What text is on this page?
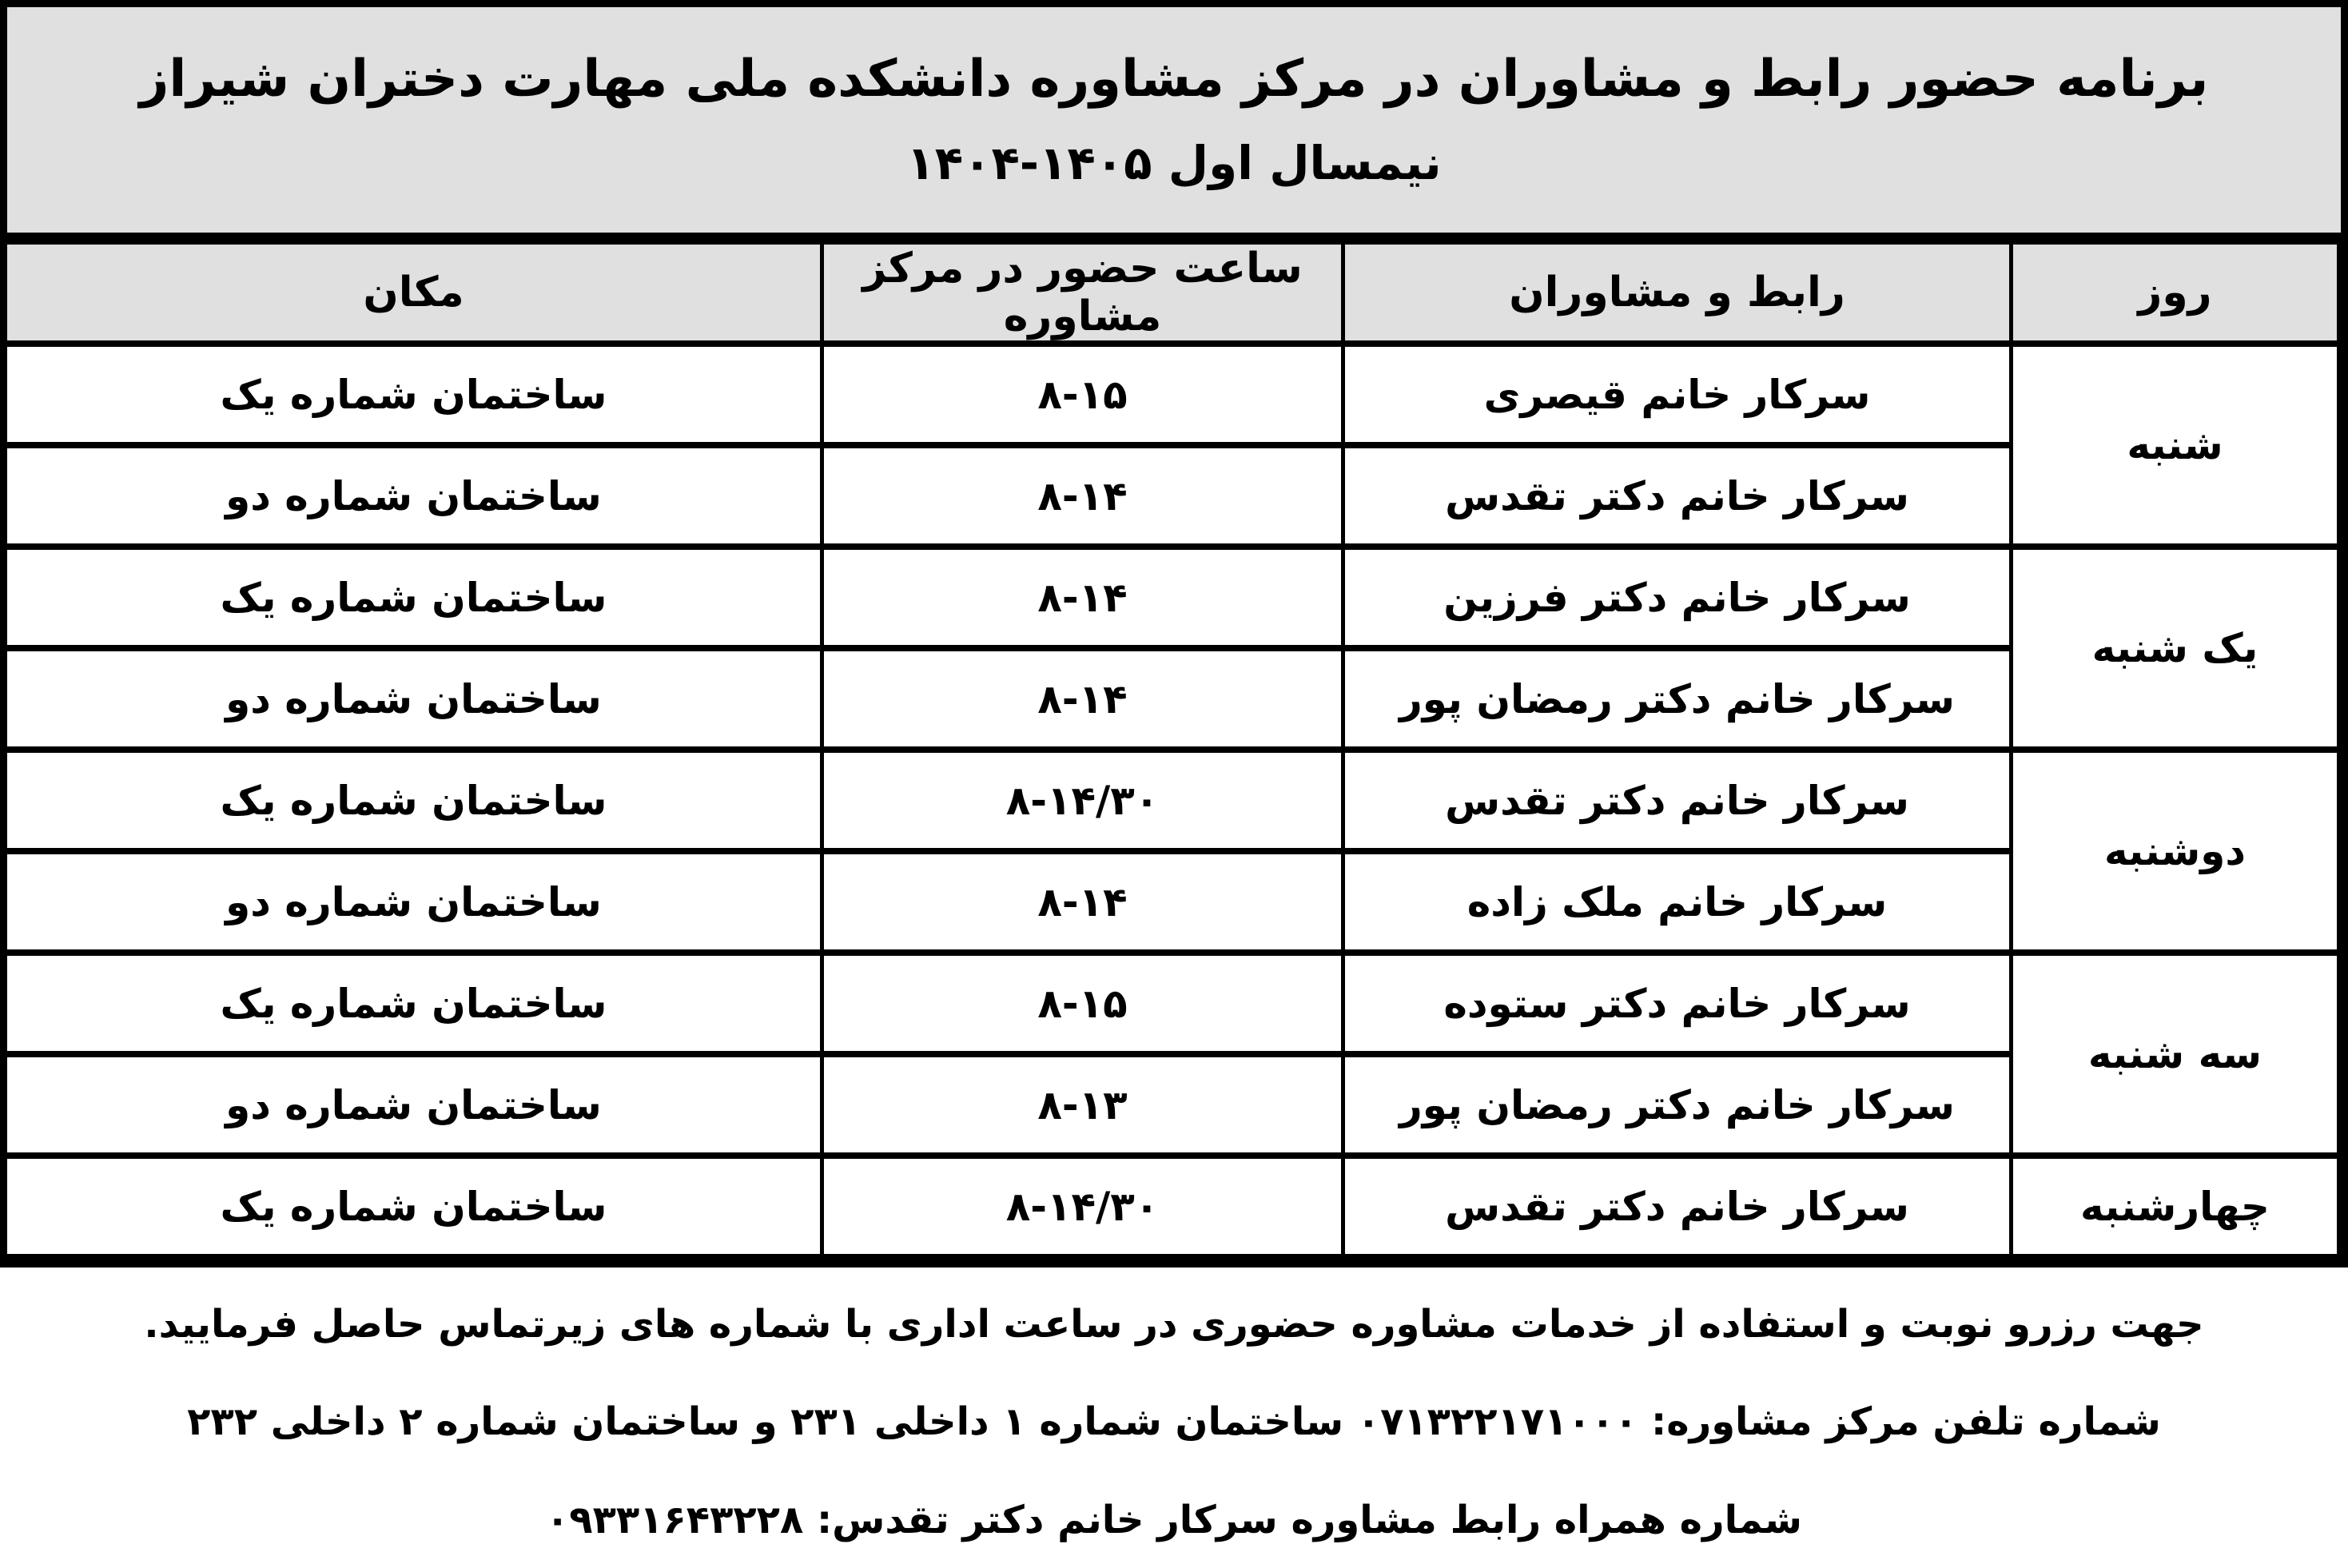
برنامه حضور رابط و مشاوران در مرکز مشاوره دانشکده ملی مهارت دختران شیراز
نیمسال اول ۱۴۰۵-۱۴۰۴
روز	رابط و مشاوران	ساعت حضور در مرکز مشاوره	مکان
شنبه	سرکار خانم قیصری	۸-۱۵	ساختمان شماره یک
	سرکار خانم دکتر تقدس	۸-۱۴	ساختمان شماره دو
یک شنبه	سرکار خانم دکتر فرزین	۸-۱۴	ساختمان شماره یک
	سرکار خانم دکتر رمضان پور	۸-۱۴	ساختمان شماره دو
دوشنبه	سرکار خانم دکتر تقدس	۸-۱۴/۳۰	ساختمان شماره یک
	سرکار خانم ملک زاده	۸-۱۴	ساختمان شماره دو
سه شنبه	سرکار خانم دکتر ستوده	۸-۱۵	ساختمان شماره یک
	سرکار خانم دکتر رمضان پور	۸-۱۳	ساختمان شماره دو
چهارشنبه	سرکار خانم دکتر تقدس	۸-۱۴/۳۰	ساختمان شماره یک
جهت رزرو نوبت و استفاده از خدمات مشاوره حضوری در ساعت اداری با شماره های زیرتماس حاصل فرمایید.
شماره تلفن مرکز مشاوره: ۰۷۱۳۲۲۱۷۱۰۰۰ ساختمان شماره ۱ داخلی ۲۳۱ و ساختمان شماره ۲ داخلی ۲۳۲
شماره همراه رابط مشاوره سرکار خانم دکتر تقدس: ۰۹۳۳۱۶۴۳۲۲۸
